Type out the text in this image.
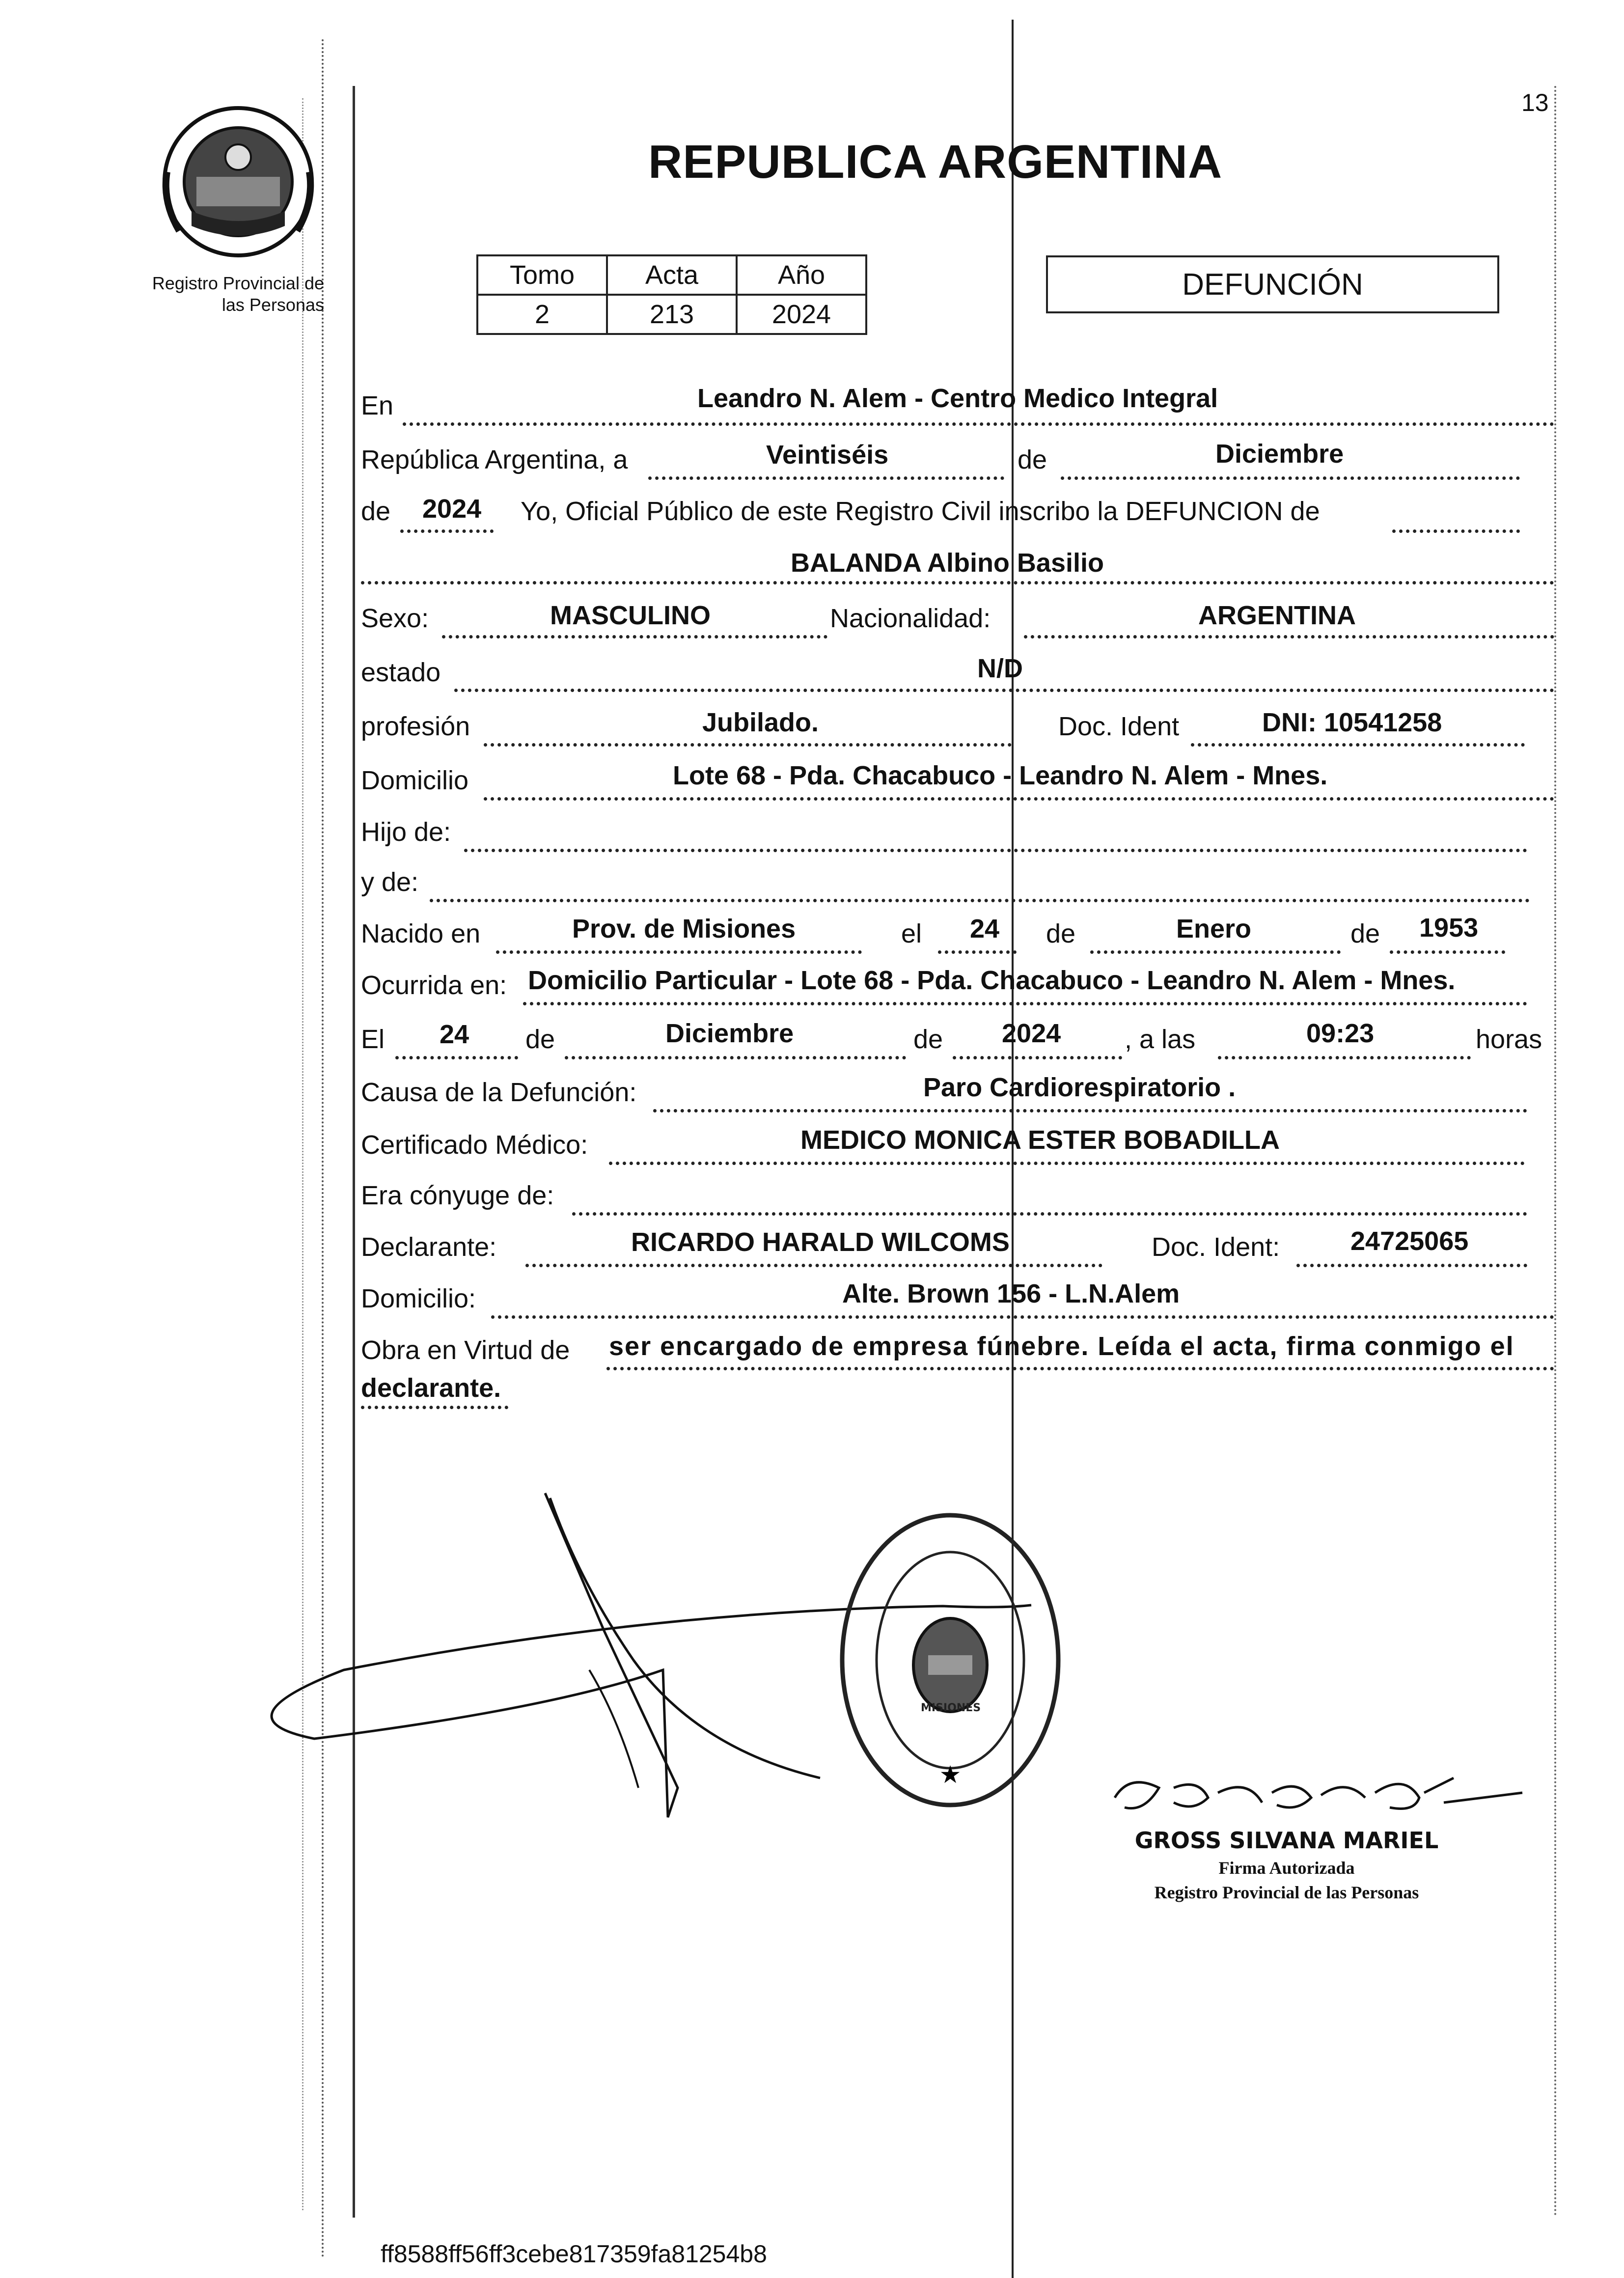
Registro Provincial de
las Personas
REPUBLICA ARGENTINA
13
Tomo	Acta	Año
2	213	2024
DEFUNCIÓN
En	Leandro N. Alem - Centro Medico Integral
República Argentina, a	Veintiséis	de	Diciembre
de 2024 Yo, Oficial Público de este Registro Civil inscribo la DEFUNCION de
BALANDA Albino Basilio
Sexo:	MASCULINO	Nacionalidad:	ARGENTINA
estado	N/D
profesión	Jubilado.	Doc. Ident	DNI: 10541258
Domicilio	Lote 68 - Pda. Chacabuco - Leandro N. Alem - Mnes.
Hijo de:
y de:
Nacido en	Prov. de Misiones	el 24 de	Enero	de 1953
Ocurrida en: Domicilio Particular - Lote 68 - Pda. Chacabuco - Leandro N. Alem - Mnes.
El 24 de	Diciembre	de 2024 , a las	09:23	horas
Causa de la Defunción:	Paro Cardiorespiratorio .
Certificado Médico:	MEDICO MONICA ESTER BOBADILLA
Era cónyuge de:
Declarante:	RICARDO HARALD WILCOMS	Doc. Ident:	24725065
Domicilio:	Alte. Brown 156 - L.N.Alem
Obra en Virtud de ser encargado de empresa fúnebre. Leída el acta, firma conmigo el
declarante.
★
MISIONES
GROSS SILVANA MARIEL
Firma Autorizada
Registro Provincial de las Personas
ff8588ff56ff3cebe817359fa81254b8
